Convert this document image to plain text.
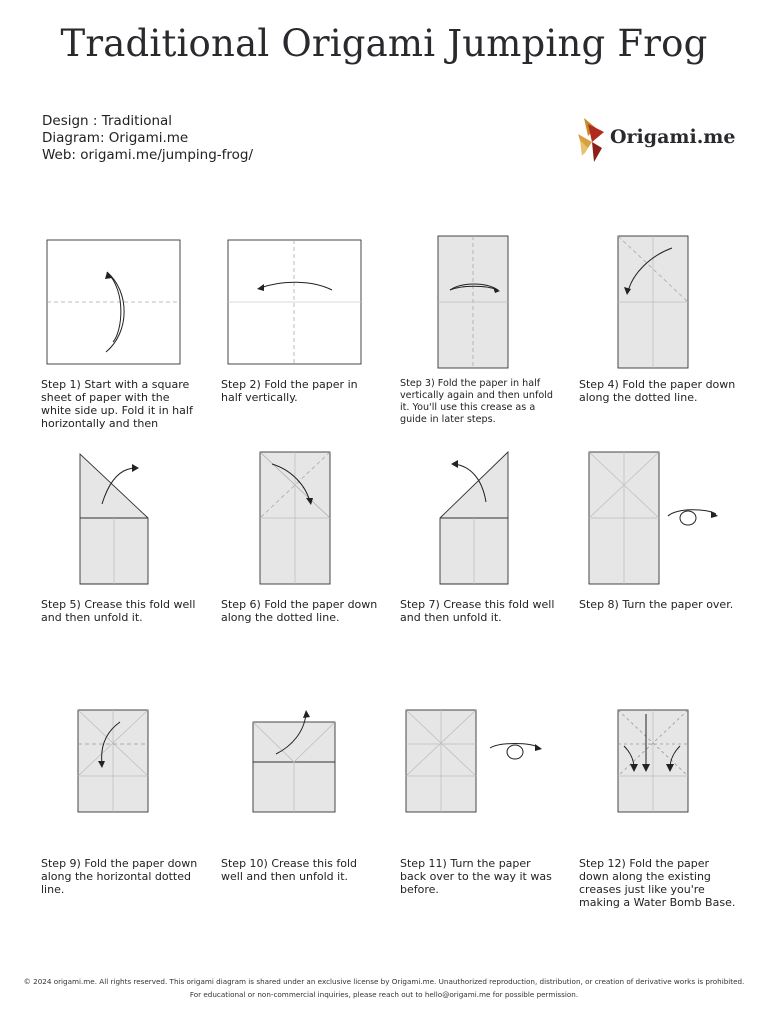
Traditional Origami Jumping Frog
Design : Traditional
Diagram: Origami.me
Web: origami.me/jumping-frog/
Origami.me
Step 1) Start with a square sheet of paper with the white side up. Fold it in half horizontally and then
Step 2) Fold the paper in half vertically.
Step 3) Fold the paper in half vertically again and then unfold it. You'll use this crease as a guide in later steps.
Step 4) Fold the paper down along the dotted line.
Step 5) Crease this fold well and then unfold it.
Step 6) Fold the paper down along the dotted line.
Step 7) Crease this fold well and then unfold it.
Step 8) Turn the paper over.
Step 9) Fold the paper down along the horizontal dotted line.
Step 10) Crease this fold well and then unfold it.
Step 11) Turn the paper back over to the way it was before.
Step 12) Fold the paper down along the existing creases just like you're making a Water Bomb Base.
© 2024 origami.me. All rights reserved. This origami diagram is shared under an exclusive license by Origami.me. Unauthorized reproduction, distribution, or creation of derivative works is prohibited.
For educational or non-commercial inquiries, please reach out to hello@origami.me for possible permission.
